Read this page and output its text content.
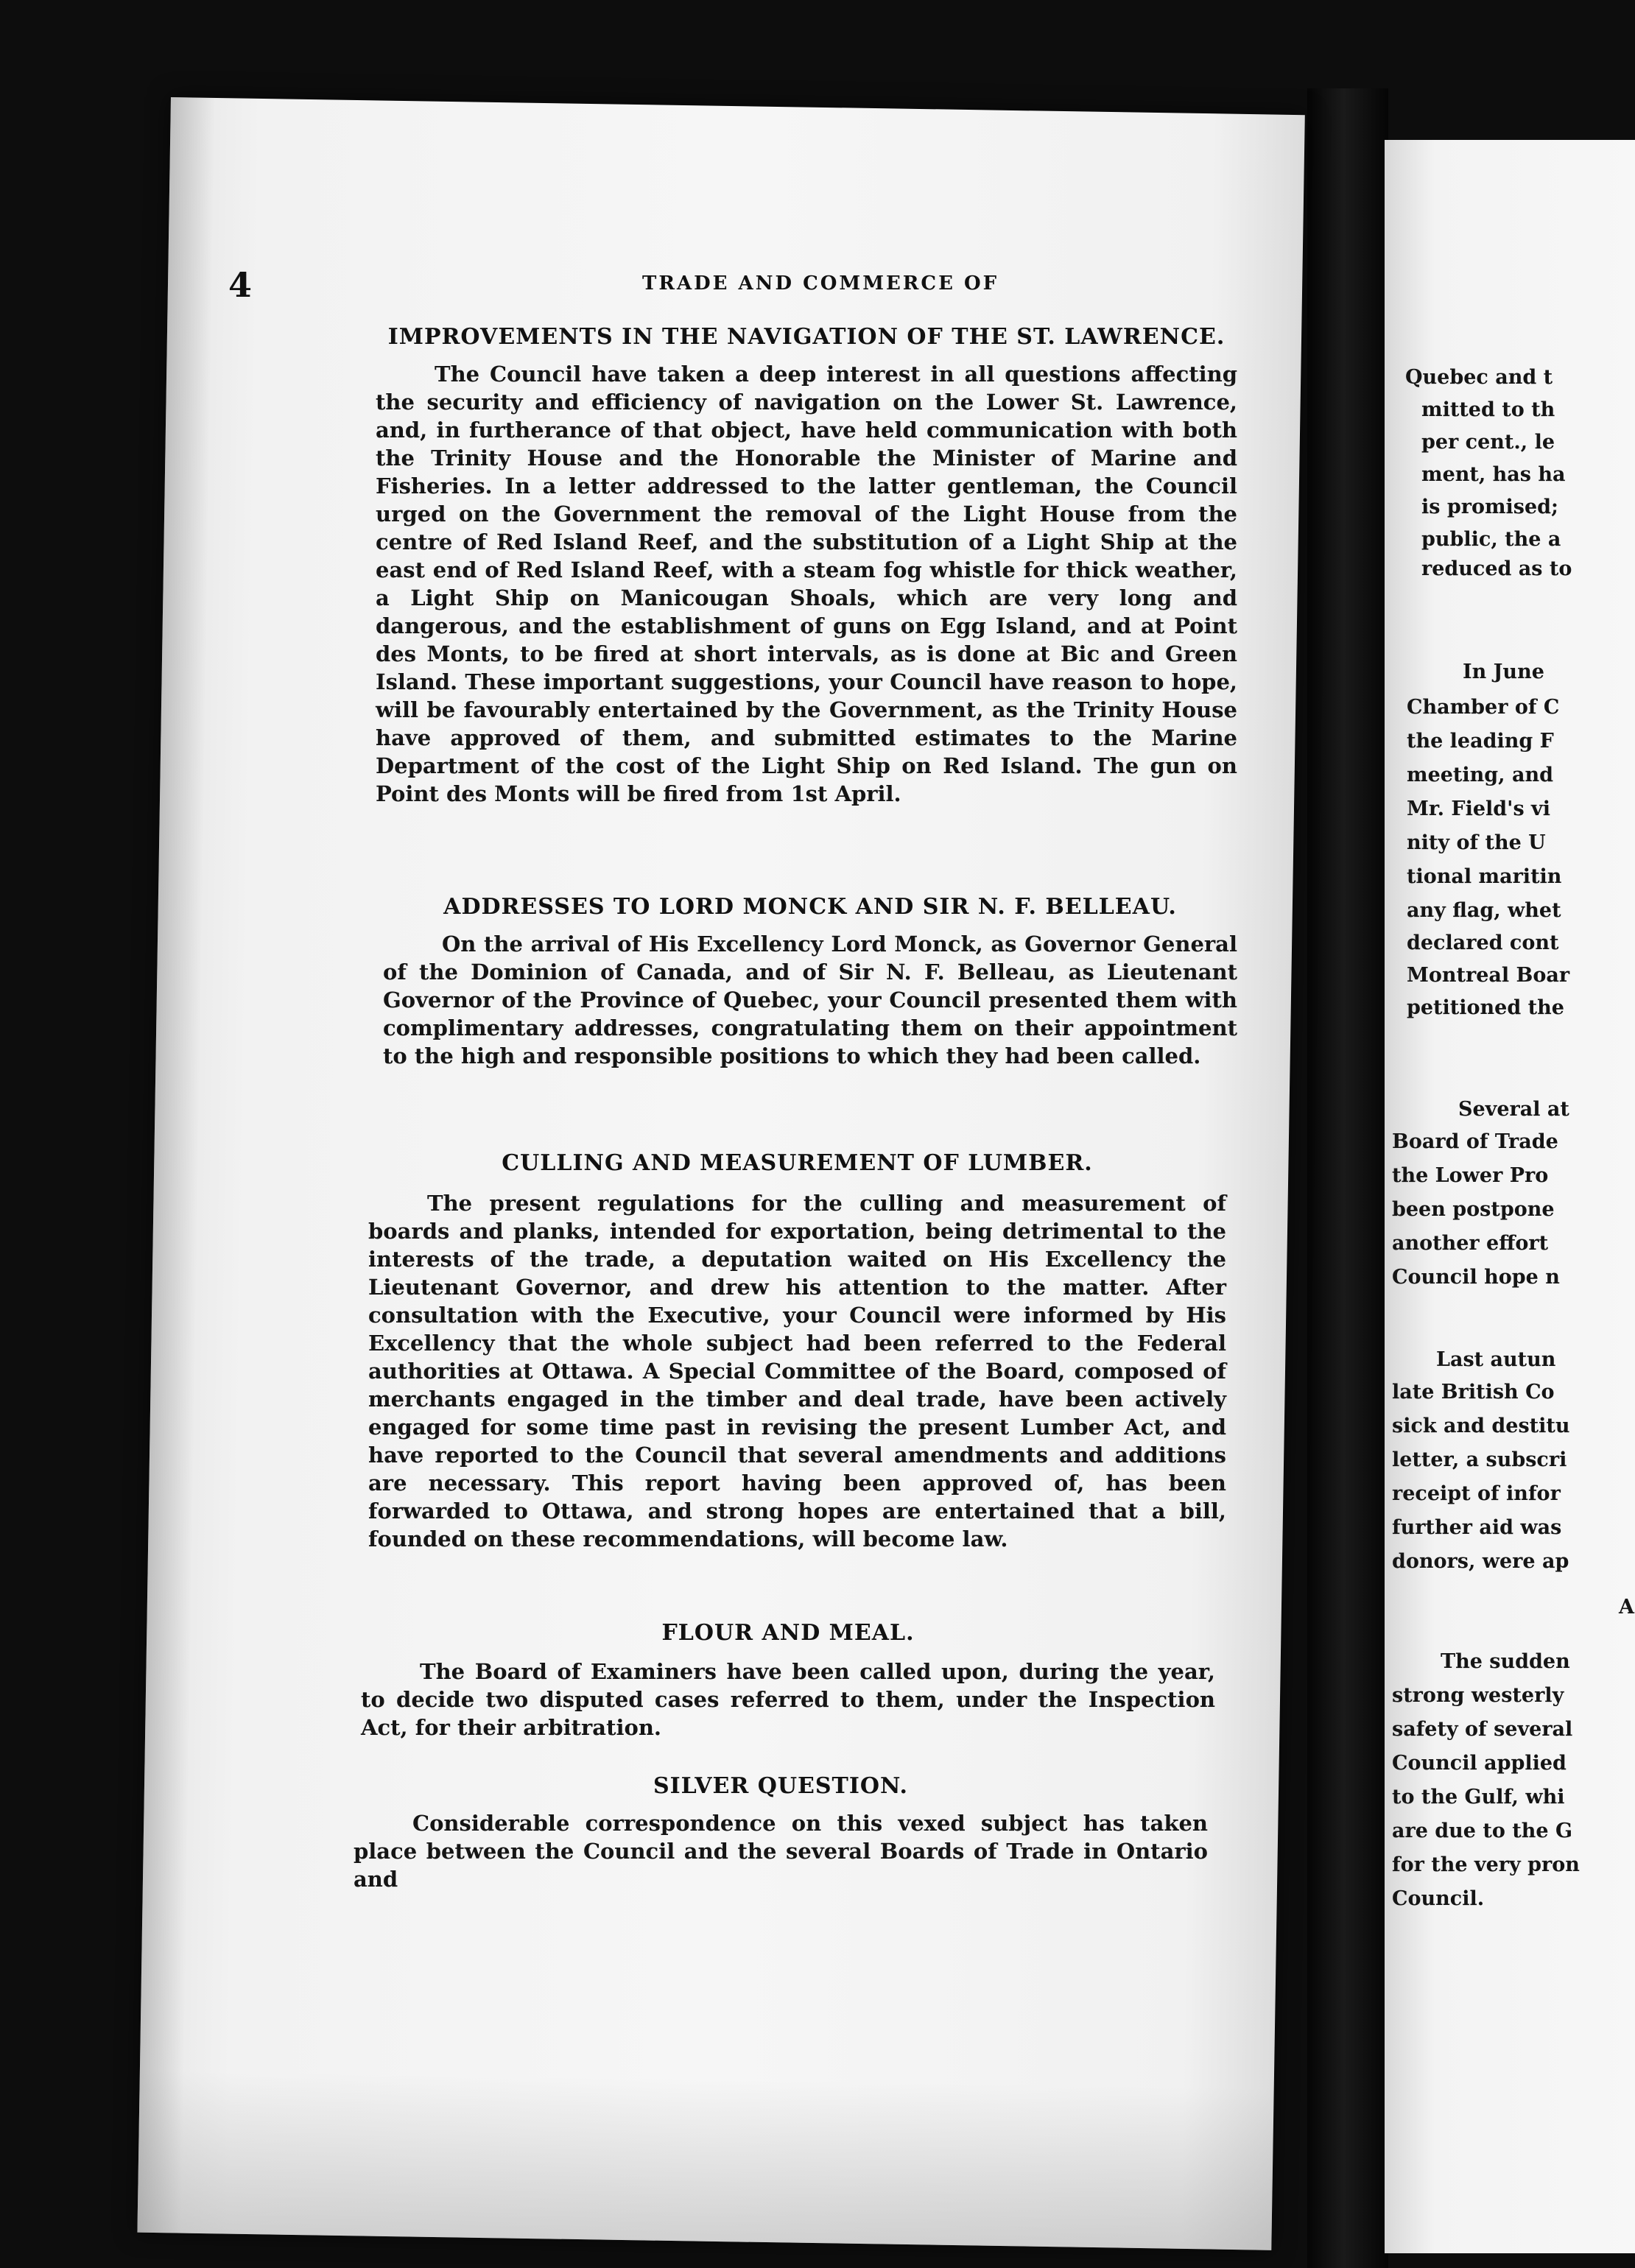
4	TRADE AND COMMERCE OF
IMPROVEMENTS IN THE NAVIGATION OF THE ST. LAWRENCE.

The Council have taken a deep interest in all questions affecting the security and efficiency of navigation on the Lower St. Lawrence, and, in furtherance of that object, have held communication with both the Trinity House and the Honorable the Minister of Marine and Fisheries. In a letter addressed to the latter gentleman, the Council urged on the Government the removal of the Light House from the centre of Red Island Reef, and the substitution of a Light Ship at the east end of Red Island Reef, with a steam fog whistle for thick weather, a Light Ship on Manicougan Shoals, which are very long and dangerous, and the establishment of guns on Egg Island, and at Point des Monts, to be fired at short intervals, as is done at Bic and Green Island. These important suggestions, your Council have reason to hope, will be favourably entertained by the Government, as the Trinity House have approved of them, and submitted estimates to the Marine Department of the cost of the Light Ship on Red Island. The gun on Point des Monts will be fired from 1st April.

ADDRESSES TO LORD MONCK AND SIR N. F. BELLEAU.

On the arrival of His Excellency Lord Monck, as Governor General of the Dominion of Canada, and of Sir N. F. Belleau, as Lieutenant Governor of the Province of Quebec, your Council presented them with complimentary addresses, congratulating them on their appointment to the high and responsible positions to which they had been called.

CULLING AND MEASUREMENT OF LUMBER.

The present regulations for the culling and measurement of boards and planks, intended for exportation, being detrimental to the interests of the trade, a deputation waited on His Excellency the Lieutenant Governor, and drew his attention to the matter. After consultation with the Executive, your Council were informed by His Excellency that the whole subject had been referred to the Federal authorities at Ottawa. A Special Committee of the Board, composed of merchants engaged in the timber and deal trade, have been actively engaged for some time past in revising the present Lumber Act, and have reported to the Council that several amendments and additions are necessary. This report having been approved of, has been forwarded to Ottawa, and strong hopes are entertained that a bill, founded on these recommendations, will become law.

FLOUR AND MEAL.

The Board of Examiners have been called upon, during the year, to decide two disputed cases referred to them, under the Inspection Act, for their arbitration.

SILVER QUESTION.

Considerable correspondence on this vexed subject has taken place between the Council and the several Boards of Trade in Ontario and

Quebec and t
mitted to th
per cent., le
ment, has ha
is promised;
public, the a
reduced as to
In June
Chamber of C
the leading F
meeting, and
Mr. Field's vi
nity of the U
tional maritin
any flag, whet
declared cont
Montreal Boar
petitioned the
Several at
Board of Trade
the Lower Pro
been postpone
another effort
Council hope n
Last autun
late British Co
sick and destitu
letter, a subscri
receipt of infor
further aid was
donors, were ap
A
The sudden
strong westerly
safety of several
Council applied
to the Gulf, whi
are due to the G
for the very pron
Council.
